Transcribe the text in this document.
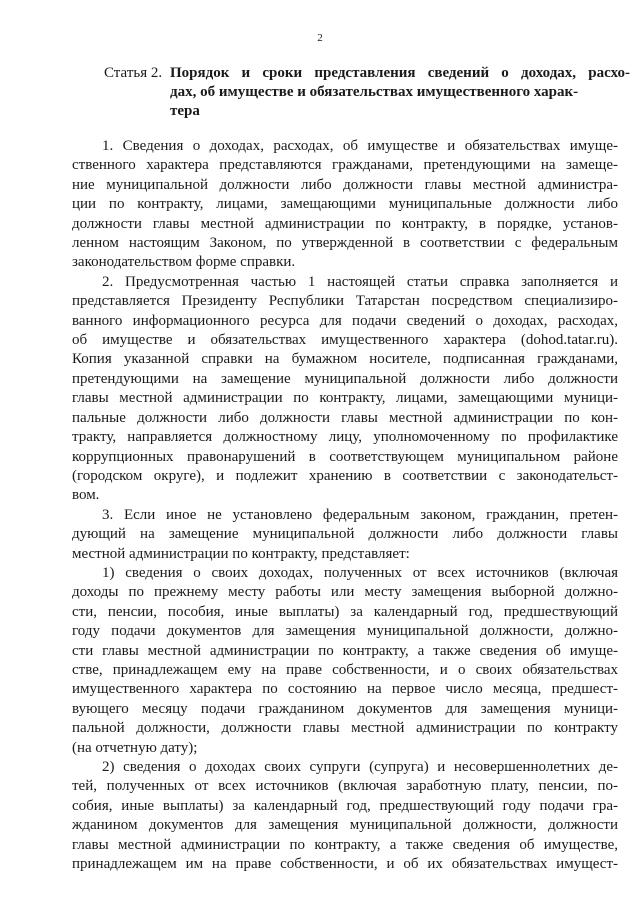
2
Статья 2. Порядок и сроки представления сведений о доходах, расхо-
дах, об имуществе и обязательствах имущественного харак-
тера
1. Сведения о доходах, расходах, об имуществе и обязательствах имуще-
ственного характера представляются гражданами, претендующими на замеще-
ние муниципальной должности либо должности главы местной администра-
ции по контракту, лицами, замещающими муниципальные должности либо
должности главы местной администрации по контракту, в порядке, установ-
ленном настоящим Законом, по утвержденной в соответствии с федеральным
законодательством форме справки.
2. Предусмотренная частью 1 настоящей статьи справка заполняется и
представляется Президенту Республики Татарстан посредством специализиро-
ванного информационного ресурса для подачи сведений о доходах, расходах,
об имуществе и обязательствах имущественного характера (dohod.tatar.ru).
Копия указанной справки на бумажном носителе, подписанная гражданами,
претендующими на замещение муниципальной должности либо должности
главы местной администрации по контракту, лицами, замещающими муници-
пальные должности либо должности главы местной администрации по кон-
тракту, направляется должностному лицу, уполномоченному по профилактике
коррупционных правонарушений в соответствующем муниципальном районе
(городском округе), и подлежит хранению в соответствии с законодательст-
вом.
3. Если иное не установлено федеральным законом, гражданин, претен-
дующий на замещение муниципальной должности либо должности главы
местной администрации по контракту, представляет:
1) сведения о своих доходах, полученных от всех источников (включая
доходы по прежнему месту работы или месту замещения выборной должно-
сти, пенсии, пособия, иные выплаты) за календарный год, предшествующий
году подачи документов для замещения муниципальной должности, должно-
сти главы местной администрации по контракту, а также сведения об имуще-
стве, принадлежащем ему на праве собственности, и о своих обязательствах
имущественного характера по состоянию на первое число месяца, предшест-
вующего месяцу подачи гражданином документов для замещения муници-
пальной должности, должности главы местной администрации по контракту
(на отчетную дату);
2) сведения о доходах своих супруги (супруга) и несовершеннолетних де-
тей, полученных от всех источников (включая заработную плату, пенсии, по-
собия, иные выплаты) за календарный год, предшествующий году подачи гра-
жданином документов для замещения муниципальной должности, должности
главы местной администрации по контракту, а также сведения об имуществе,
принадлежащем им на праве собственности, и об их обязательствах имущест-
